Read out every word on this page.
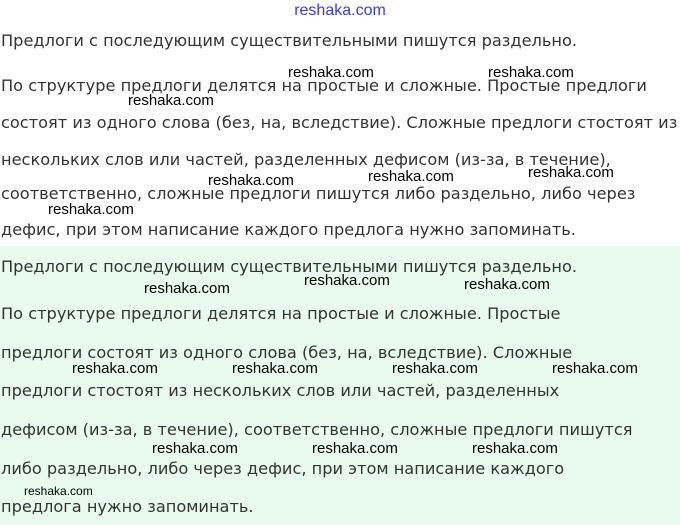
reshaka.com

Предлоги с последующим существительными пишутся раздельно.

По структуре предлоги делятся на простые и сложные. Простые предлоги

состоят из одного слова (без, на, вследствие). Сложные предлоги стостоят из

нескольких слов или частей, разделенных дефисом (из-за, в течение),

соответственно, сложные предлоги пишутся либо раздельно, либо через

дефис, при этом написание каждого предлога нужно запоминать.

reshaka.com	reshaka.com
reshaka.com
reshaka.com	reshaka.com	reshaka.com
reshaka.com

Предлоги с последующим существительными пишутся раздельно.

По структуре предлоги делятся на простые и сложные. Простые

предлоги состоят из одного слова (без, на, вследствие). Сложные

предлоги стостоят из нескольких слов или частей, разделенных

дефисом (из-за, в течение), соответственно, сложные предлоги пишутся

либо раздельно, либо через дефис, при этом написание каждого

предлога нужно запоминать.

reshaka.com	reshaka.com	reshaka.com
reshaka.com	reshaka.com	reshaka.com	reshaka.com
reshaka.com	reshaka.com	reshaka.com
reshaka.com
